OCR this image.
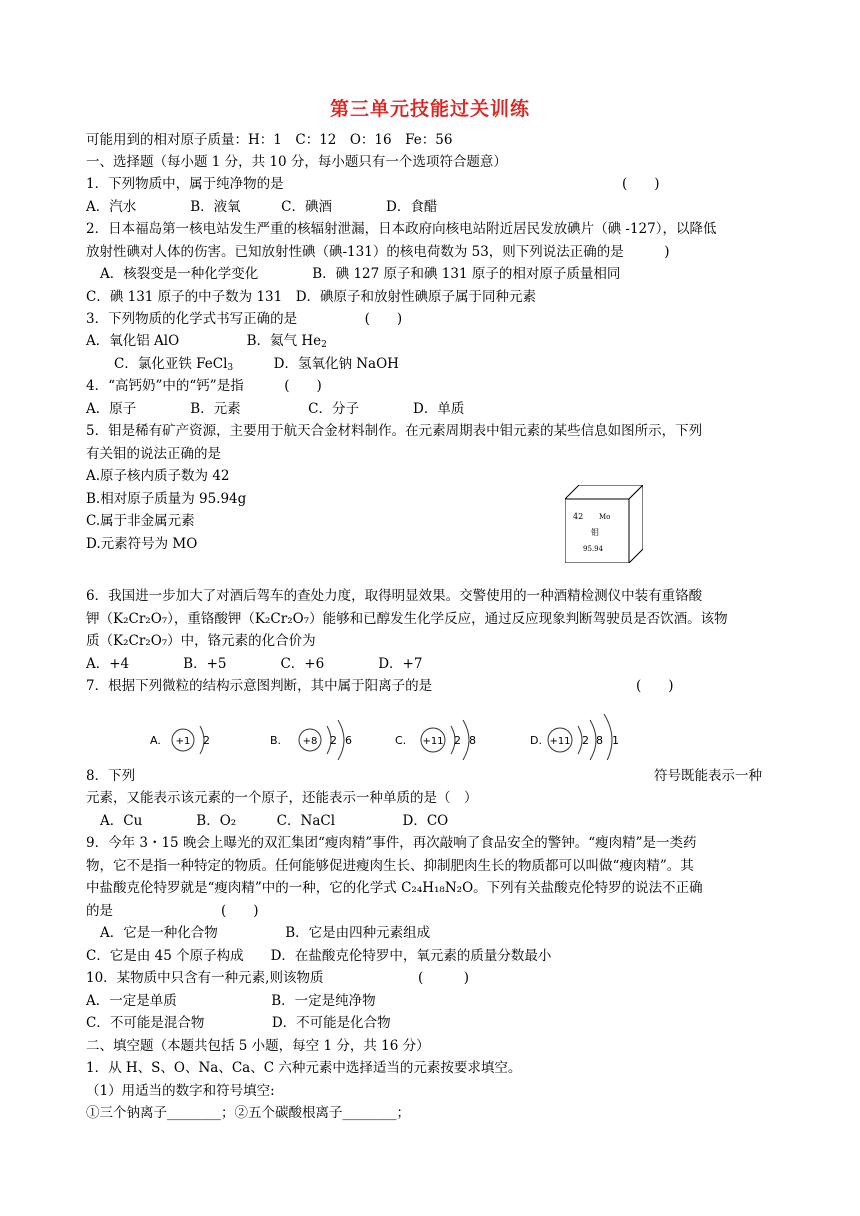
第三单元技能过关训练
可能用到的相对原子质量：H：1　C：12　O：16　Fe：56
一、选择题（每小题 1 分，共 10 分，每小题只有一个选项符合题意）
1．下列物质中，属于纯净物的是	(　　)
A．汽水　　　　B．液氧　　　C．碘酒　　　　D．食醋
2．日本福岛第一核电站发生严重的核辐射泄漏，日本政府向核电站附近居民发放碘片（碘 -127），以降低
放射性碘对人体的伤害。已知放射性碘（碘-131）的核电荷数为 53，则下列说法正确的是　　　)
A．核裂变是一种化学变化　　　　B．碘 127 原子和碘 131 原子的相对原子质量相同
C．碘 131 原子的中子数为 131　D．碘原子和放射性碘原子属于同种元素
3．下列物质的化学式书写正确的是　　　　　(　　)
A．氧化铝 AlO　　　　　B．氦气 $He_2$
C．氯化亚铁 FeCl$_3$　　　D．氢氧化钠 NaOH
4．“高钙奶”中的“钙”是指　　　(　　)
A．原子　　　　B．元素　　　　　C．分子　　　　D．单质
5．钼是稀有矿产资源，主要用于航天合金材料制作。在元素周期表中钼元素的某些信息如图所示，下列
有关钼的说法正确的是
A.原子核内质子数为 42
B.相对原子质量为 95.94g
C.属于非金属元素
D.元素符号为 MO
42 Mo
钼
95.94
6．我国进一步加大了对酒后驾车的查处力度，取得明显效果。交警使用的一种酒精检测仪中装有重铬酸
钾（K₂Cr₂O₇），重铬酸钾（K₂Cr₂O₇）能够和已醇发生化学反应，通过反应现象判断驾驶员是否饮酒。该物
质（K₂Cr₂O₇）中，铬元素的化合价为
A．+4　　　　B．+5　　　　C．+6　　　　D．+7
7．根据下列微粒的结构示意图判断，其中属于阳离子的是	(　　)
A. +1 2	B. +8 2 6	C. +11 2 8	D. +11 2 8 1
8．下列	符号既能表示一种
元素，又能表示该元素的一个原子，还能表示一种单质的是（　）
A．Cu　　　　B．O₂　　　C．NaCl　　　　　D．CO
9．今年 3・15 晚会上曝光的双汇集团“瘦肉精”事件，再次敲响了食品安全的警钟。“瘦肉精”是一类药
物，它不是指一种特定的物质。任何能够促进瘦肉生长、抑制肥肉生长的物质都可以叫做“瘦肉精”。其
中盐酸克伦特罗就是“瘦肉精”中的一种，它的化学式 C₂₄H₁₈N₂O。下列有关盐酸克伦特罗的说法不正确
的是　　　　　　　　(　　)
A．它是一种化合物　　　　　B．它是由四种元素组成
C．它是由 45 个原子构成　　D．在盐酸克伦特罗中，氧元素的质量分数最小
10．某物质中只含有一种元素,则该物质　　　　　　　(　　　)
A．一定是单质　　　　　　　B．一定是纯净物
C．不可能是混合物　　　　　D．不可能是化合物
二、填空题（本题共包括 5 小题，每空 1 分，共 16 分）
1．从 H、S、O、Na、Ca、C 六种元素中选择适当的元素按要求填空。
（1）用适当的数字和符号填空:
①三个钠离子________；②五个碳酸根离子________；
